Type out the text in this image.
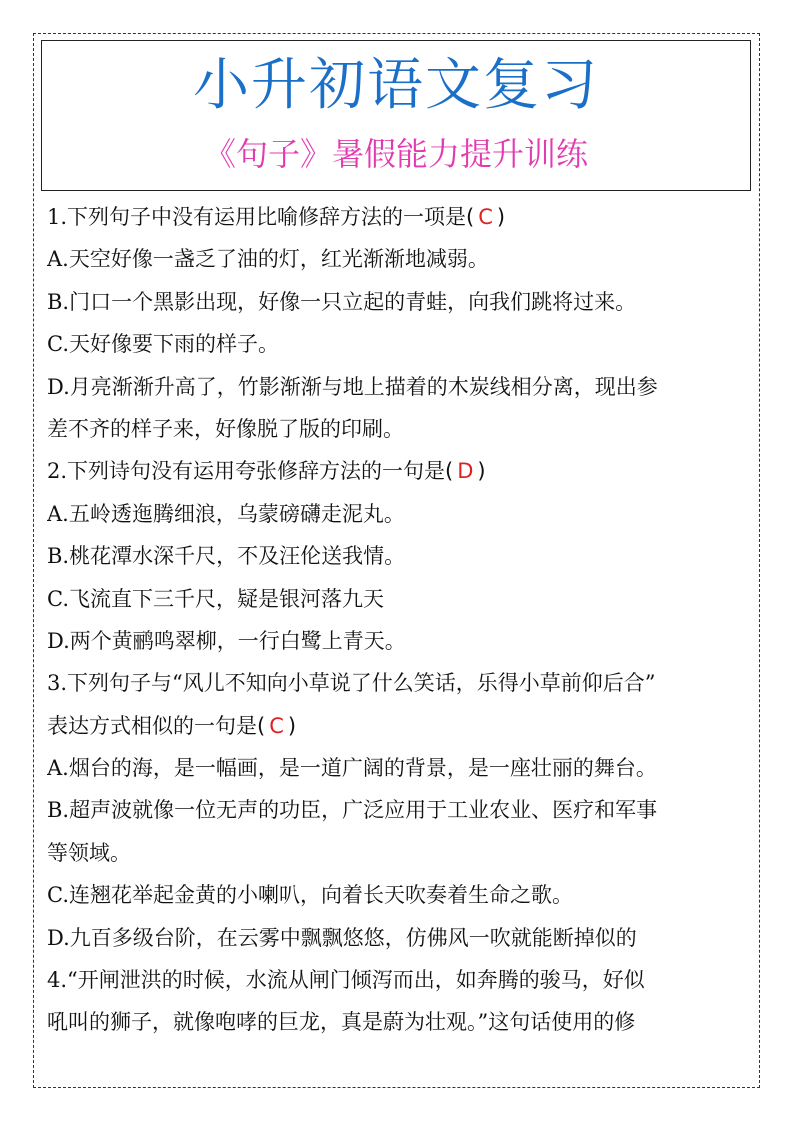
小升初语文复习
《句子》暑假能力提升训练
1.下列句子中没有运用比喻修辞方法的一项是( C )
A.天空好像一盏乏了油的灯，红光渐渐地减弱。
B.门口一个黑影出现，好像一只立起的青蛙，向我们跳将过来。
C.天好像要下雨的样子。
D.月亮渐渐升高了，竹影渐渐与地上描着的木炭线相分离，现出参
差不齐的样子来，好像脱了版的印刷。
2.下列诗句没有运用夸张修辞方法的一句是( D )
A.五岭透迤腾细浪，乌蒙磅礴走泥丸。
B.桃花潭水深千尺，不及汪伦送我情。
C.飞流直下三千尺，疑是银河落九天
D.两个黄鹂鸣翠柳，一行白鹭上青天。
3.下列句子与“风儿不知向小草说了什么笑话，乐得小草前仰后合”
表达方式相似的一句是( C )
A.烟台的海，是一幅画，是一道广阔的背景，是一座壮丽的舞台。
B.超声波就像一位无声的功臣，广泛应用于工业农业、医疗和军事
等领域。
C.连翘花举起金黄的小喇叭，向着长天吹奏着生命之歌。
D.九百多级台阶，在云雾中飘飘悠悠，仿佛风一吹就能断掉似的
4.“开闸泄洪的时候，水流从闸门倾泻而出，如奔腾的骏马，好似
吼叫的狮子，就像咆哮的巨龙，真是蔚为壮观。”这句话使用的修
